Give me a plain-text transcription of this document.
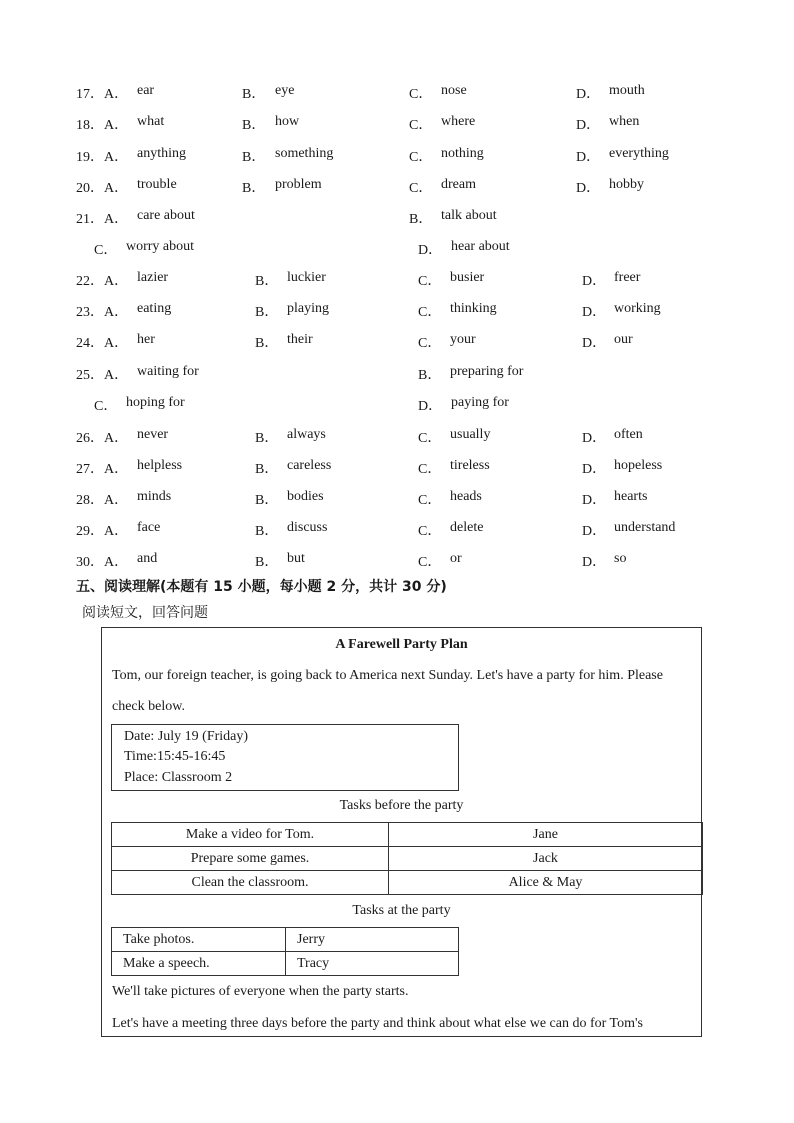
17． A． ear	B． eye	C． nose	D． mouth
18． A． what	B． how	C． where	D． when
19． A． anything	B． something	C． nothing	D． everything
20． A． trouble	B． problem	C． dream	D． hobby
21． A． care about	B． talk about
C． worry about	D． hear about
22． A． lazier	B． luckier	C． busier	D． freer
23． A． eating	B． playing	C． thinking	D． working
24． A． her	B． their	C． your	D． our
25． A． waiting for	B． preparing for
C． hoping for	D． paying for
26． A． never	B． always	C． usually	D． often
27． A． helpless	B． careless	C． tireless	D． hopeless
28． A． minds	B． bodies	C． heads	D． hearts
29． A． face	B． discuss	C． delete	D． understand
30． A． and	B． but	C． or	D． so
五、阅读理解(本题有 15 小题，每小题 2 分，共计 30 分)
阅读短文，回答问题
A Farewell Party Plan
Tom, our foreign teacher, is going back to America next Sunday. Let's have a party for him. Please
check below.
Date: July 19 (Friday)
Time:15:45-16:45
Place: Classroom 2
Tasks before the party
Make a video for Tom.	Jane
Prepare some games.	Jack
Clean the classroom.	Alice & May
Tasks at the party
Take photos.	Jerry
Make a speech.	Tracy
We'll take pictures of everyone when the party starts.
Let's have a meeting three days before the party and think about what else we can do for Tom's
